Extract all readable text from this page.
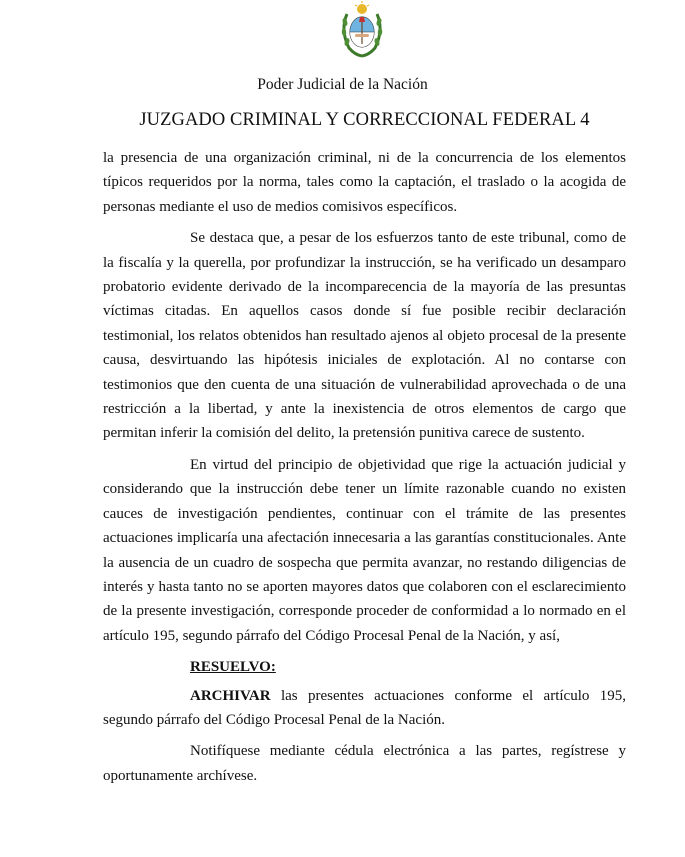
Poder Judicial de la Nación
JUZGADO CRIMINAL Y CORRECCIONAL FEDERAL 4

la presencia de una organización criminal, ni de la concurrencia de los elementos típicos requeridos por la norma, tales como la captación, el traslado o la acogida de personas mediante el uso de medios comisivos específicos.

Se destaca que, a pesar de los esfuerzos tanto de este tribunal, como de la fiscalía y la querella, por profundizar la instrucción, se ha verificado un desamparo probatorio evidente derivado de la incomparecencia de la mayoría de las presuntas víctimas citadas. En aquellos casos donde sí fue posible recibir declaración testimonial, los relatos obtenidos han resultado ajenos al objeto procesal de la presente causa, desvirtuando las hipótesis iniciales de explotación. Al no contarse con testimonios que den cuenta de una situación de vulnerabilidad aprovechada o de una restricción a la libertad, y ante la inexistencia de otros elementos de cargo que permitan inferir la comisión del delito, la pretensión punitiva carece de sustento.

En virtud del principio de objetividad que rige la actuación judicial y considerando que la instrucción debe tener un límite razonable cuando no existen cauces de investigación pendientes, continuar con el trámite de las presentes actuaciones implicaría una afectación innecesaria a las garantías constitucionales. Ante la ausencia de un cuadro de sospecha que permita avanzar, no restando diligencias de interés y hasta tanto no se aporten mayores datos que colaboren con el esclarecimiento de la presente investigación, corresponde proceder de conformidad a lo normado en el artículo 195, segundo párrafo del Código Procesal Penal de la Nación, y así,

RESUELVO:

ARCHIVAR las presentes actuaciones conforme el artículo 195, segundo párrafo del Código Procesal Penal de la Nación.

Notifíquese mediante cédula electrónica a las partes, regístrese y oportunamente archívese.
